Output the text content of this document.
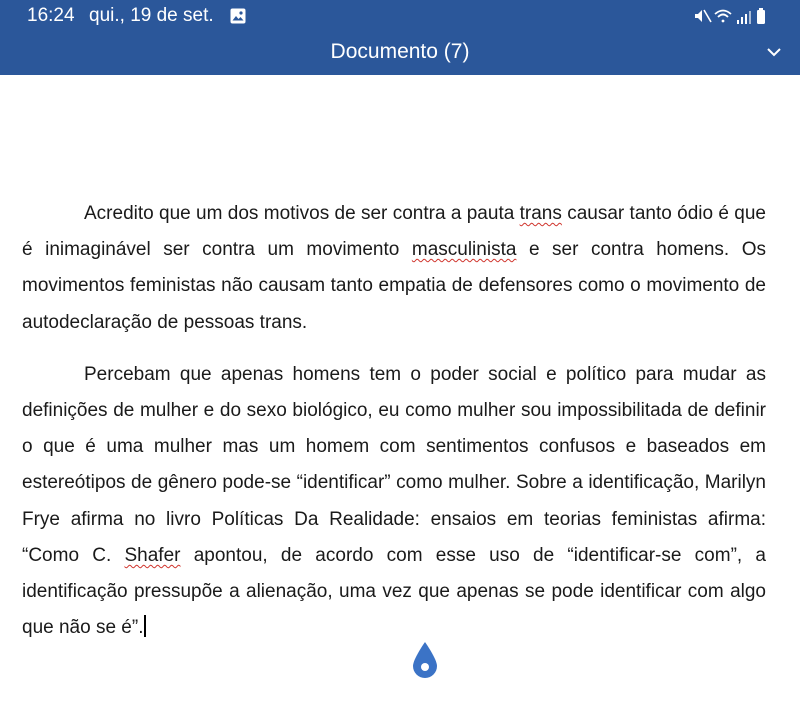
16:24 qui., 19 de set.
Documento (7)

Acredito que um dos motivos de ser contra a pauta trans causar tanto ódio é que é inimaginável ser contra um movimento masculinista e ser contra homens. Os movimentos feministas não causam tanto empatia de defensores como o movimento de autodeclaração de pessoas trans.

Percebam que apenas homens tem o poder social e político para mudar as definições de mulher e do sexo biológico, eu como mulher sou impossibilitada de definir o que é uma mulher mas um homem com sentimentos confusos e baseados em estereótipos de gênero pode-se “identificar” como mulher. Sobre a identificação, Marilyn Frye afirma no livro Políticas Da Realidade: ensaios em teorias feministas afirma: “Como C. Shafer apontou, de acordo com esse uso de “identificar-se com”, a identificação pressupõe a alienação, uma vez que apenas se pode identificar com algo que não se é”.
